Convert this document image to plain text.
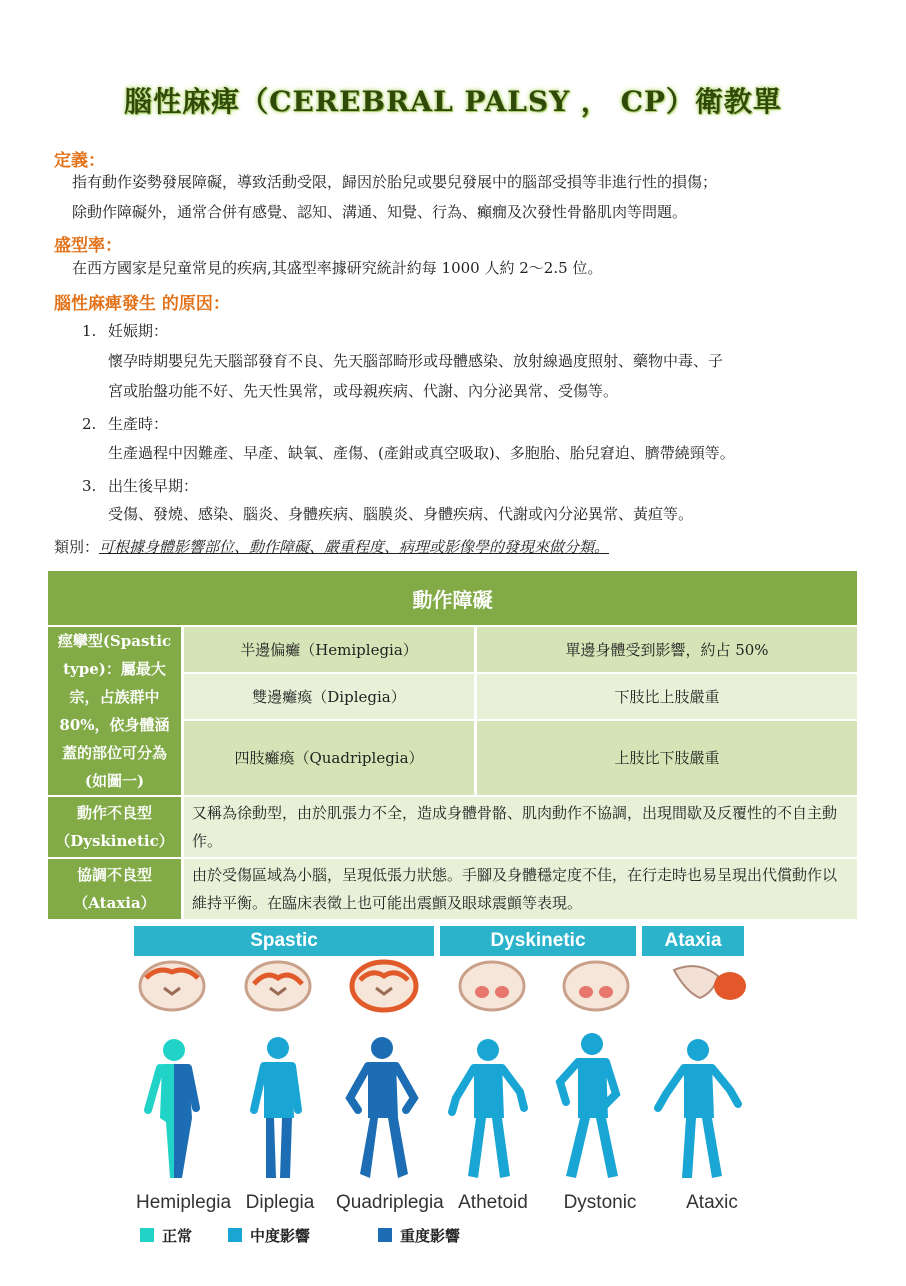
腦性麻痺（CEREBRAL PALSY ， CP）衛教單
定義：
指有動作姿勢發展障礙，導致活動受限，歸因於胎兒或嬰兒發展中的腦部受損等非進行性的損傷；
除動作障礙外，通常合併有感覺、認知、溝通、知覺、行為、癲癇及次發性骨骼肌肉等問題。
盛型率：
在西方國家是兒童常見的疾病,其盛型率據研究統計約每 1000 人約 2～2.5 位。
腦性麻痺發生 的原因：
1. 妊娠期：
懷孕時期嬰兒先天腦部發育不良、先天腦部畸形或母體感染、放射線過度照射、藥物中毒、子
宮或胎盤功能不好、先天性異常，或母親疾病、代謝、內分泌異常、受傷等。
2. 生產時：
生產過程中因難產、早產、缺氧、產傷、(產鉗或真空吸取)、多胞胎、胎兒窘迫、臍帶繞頸等。
3. 出生後早期：
受傷、發燒、感染、腦炎、身體疾病、腦膜炎、身體疾病、代謝或內分泌異常、黃疸等。
類別：可根據身體影響部位、動作障礙、嚴重程度、病理或影像學的發現來做分類。
動作障礙		
痙攣型(Spastic type)：屬最大宗，占族群中80%，依身體涵蓋的部位可分為(如圖一)	半邊偏癱（Hemiplegia）	單邊身體受到影響，約占 50%
	雙邊癱瘓（Diplegia）	下肢比上肢嚴重
	四肢癱瘓（Quadriplegia）	上肢比下肢嚴重
動作不良型（Dyskinetic）	又稱為徐動型，由於肌張力不全，造成身體骨骼、肌肉動作不協調，出現間歇及反覆性的不自主動作。	
協調不良型（Ataxia）	由於受傷區域為小腦，呈現低張力狀態。手腳及身體穩定度不佳，在行走時也易呈現出代償動作以維持平衡。在臨床表徵上也可能出震顫及眼球震顫等表現。	
Spastic	Dyskinetic	Ataxia
Hemiplegia Diplegia	Quadriplegia Athetoid Dystonic	Ataxic
正常	中度影響	重度影響
